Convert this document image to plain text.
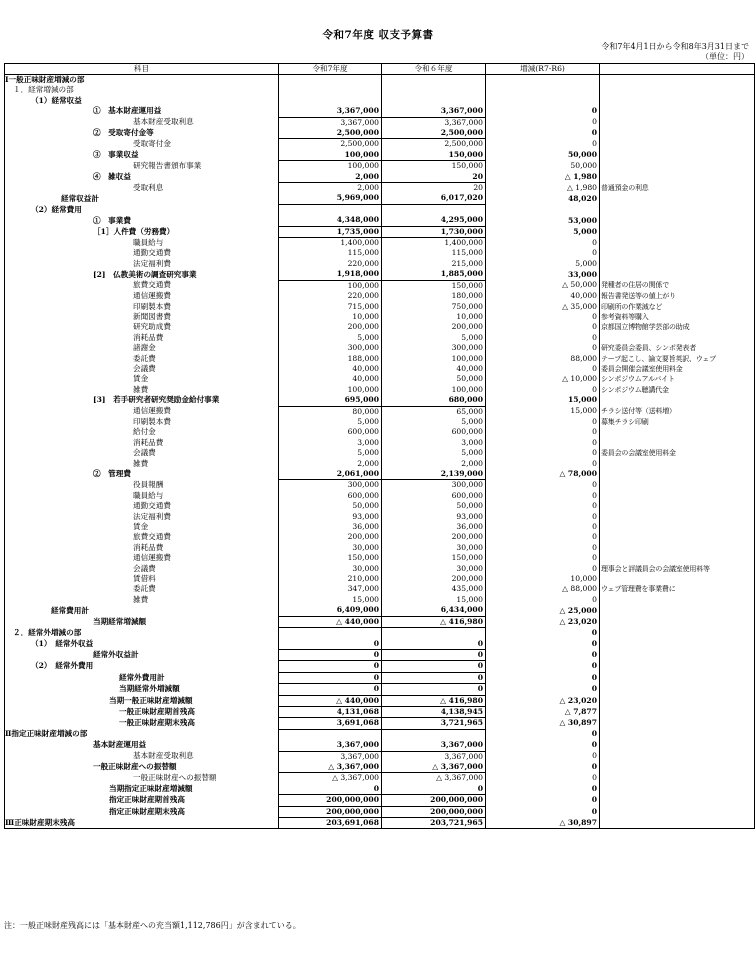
令和7年度 収支予算書
令和7年4月1日から令和8年3月31日まで
（単位：円）
科目	令和7年度	令和６年度	増減(R7-R6)	
Ⅰ一般正味財産増減の部				
１．経常増減の部				
（1）経常収益				
①　基本財産運用益	3,367,000	3,367,000	0	
基本財産受取利息	3,367,000	3,367,000	0	
②　受取寄付金等	2,500,000	2,500,000	0	
受取寄付金	2,500,000	2,500,000	0	
③　事業収益	100,000	150,000	50,000	
研究報告書頒布事業	100,000	150,000	50,000	
④　雑収益	2,000	20	△ 1,980	
受取利息	2,000	20	△ 1,980	普通預金の利息
経常収益計	5,969,000	6,017,020	48,020	
（2）経常費用				
①　事業費	4,348,000	4,295,000	53,000	
［1］人件費（労務費）	1,735,000	1,730,000	5,000	
職員給与	1,400,000	1,400,000	0	
通勤交通費	115,000	115,000	0	
法定福利費	220,000	215,000	5,000	
[2]　仏教美術の調査研究事業	1,918,000	1,885,000	33,000	
旅費交通費	100,000	150,000	△ 50,000	発種者の住居の関係で
通信運搬費	220,000	180,000	40,000	報告書発送等の値上がり
印刷製本費	715,000	750,000	△ 35,000	印刷所の作業減など
新聞図書費	10,000	10,000	0	参考資料等購入
研究助成費	200,000	200,000	0	京都国立博物館学芸部の助成
消耗品費	5,000	5,000	0	
諸謝金	300,000	300,000	0	研究委員会委員、シンポ発表者
委託費	188,000	100,000	88,000	テープ起こし、論文要旨英訳、ウェブ
会議費	40,000	40,000	0	委員会開催会議室使用料金
賃金	40,000	50,000	△ 10,000	シンポジウムアルバイト
雑費	100,000	100,000	0	シンポジウム聴講代金
[3]　若手研究者研究奨励金給付事業	695,000	680,000	15,000	
通信運搬費	80,000	65,000	15,000	チラシ送付等（送料増）
印刷製本費	5,000	5,000	0	募集チラシ印刷
給付金	600,000	600,000	0	
消耗品費	3,000	3,000	0	
会議費	5,000	5,000	0	委員会の会議室使用料金
雑費	2,000	2,000	0	
②　管理費	2,061,000	2,139,000	△ 78,000	
役員報酬	300,000	300,000	0	
職員給与	600,000	600,000	0	
通勤交通費	50,000	50,000	0	
法定福利費	93,000	93,000	0	
賃金	36,000	36,000	0	
旅費交通費	200,000	200,000	0	
消耗品費	30,000	30,000	0	
通信運搬費	150,000	150,000	0	
会議費	30,000	30,000	0	理事会と評議員会の会議室使用料等
賃借料	210,000	200,000	10,000	
委託費	347,000	435,000	△ 88,000	ウェブ管理費を事業費に
雑費	15,000	15,000	0	
経常費用計	6,409,000	6,434,000	△ 25,000	
当期経常増減額	△ 440,000	△ 416,980	△ 23,020	
２．経常外増減の部			0	
（1）　経常外収益	0	0	0	
経常外収益計	0	0	0	
（2）　経常外費用	0	0	0	
経常外費用計	0	0	0	
当期経常外増減額	0	0	0	
当期一般正味財産増減額	△ 440,000	△ 416,980	△ 23,020	
一般正味財産期首残高	4,131,068	4,138,945	△ 7,877	
一般正味財産期末残高	3,691,068	3,721,965	△ 30,897	
Ⅱ指定正味財産増減の部			0	
基本財産運用益	3,367,000	3,367,000	0	
基本財産受取利息	3,367,000	3,367,000	0	
一般正味財産への振替額	△ 3,367,000	△ 3,367,000	0	
一般正味財産への振替額	△ 3,367,000	△ 3,367,000	0	
当期指定正味財産増減額	0	0	0	
指定正味財産期首残高	200,000,000	200,000,000	0	
指定正味財産期末残高	200,000,000	200,000,000	0	
Ⅲ正味財産期末残高	203,691,068	203,721,965	△ 30,897	
注：一般正味財産残高には「基本財産への充当額1,112,786円」が含まれている。
